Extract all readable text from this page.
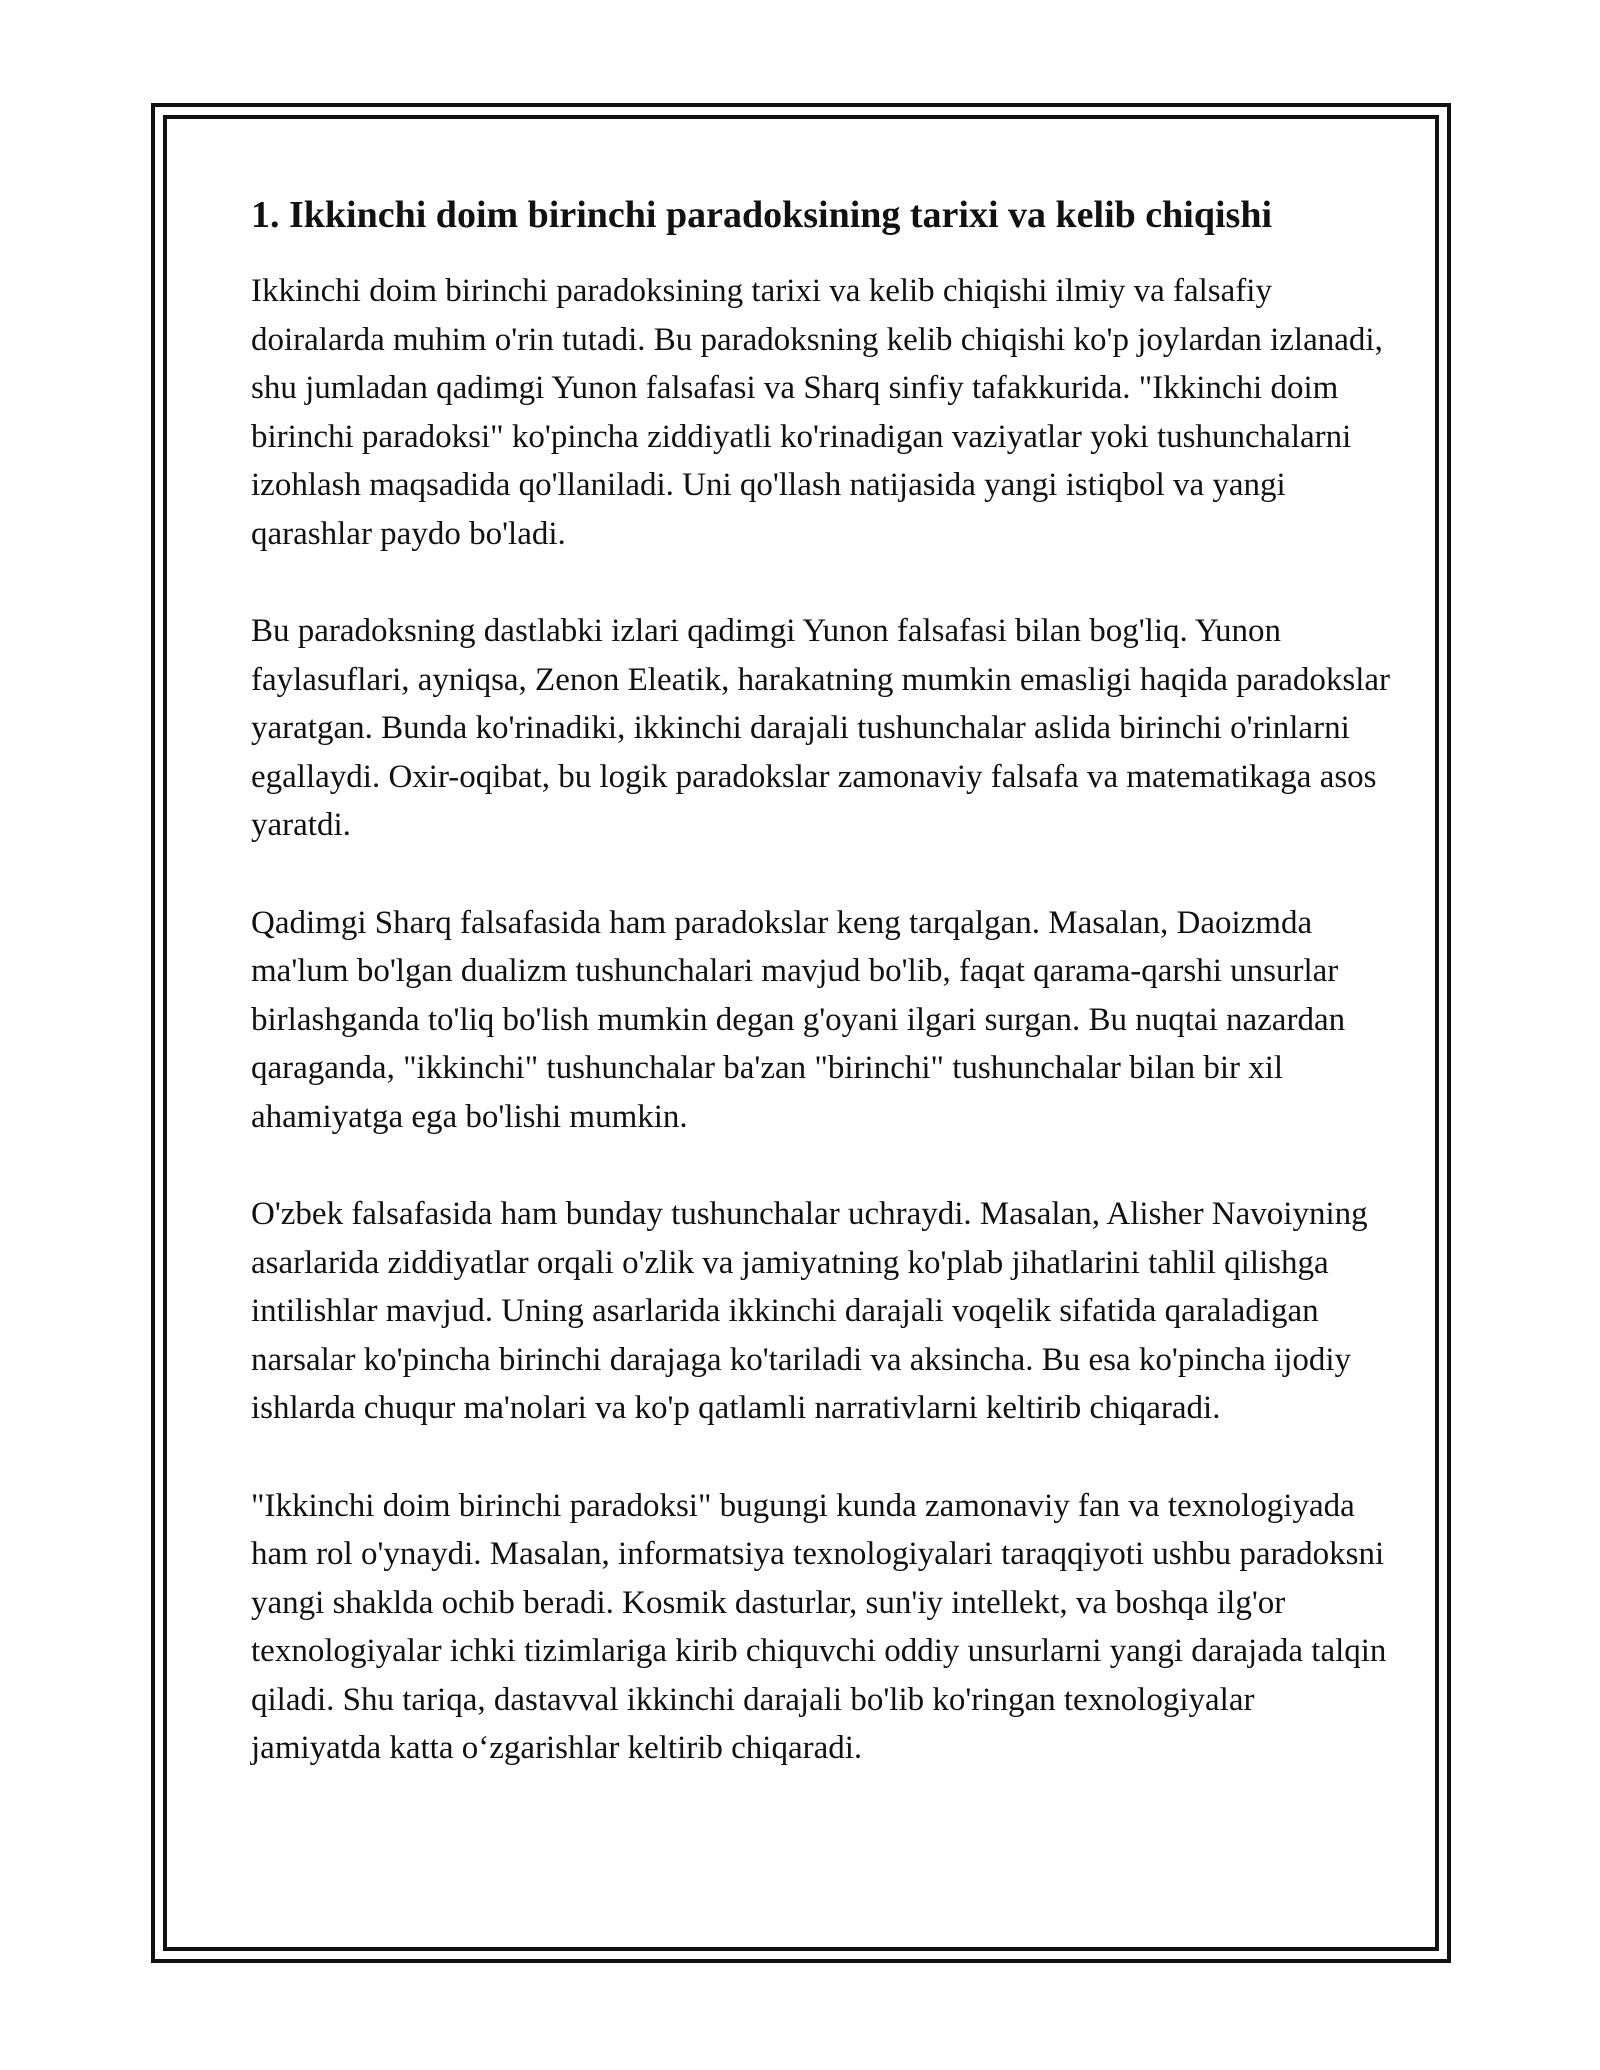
1. Ikkinchi doim birinchi paradoksining tarixi va kelib chiqishi

Ikkinchi doim birinchi paradoksining tarixi va kelib chiqishi ilmiy va falsafiy doiralarda muhim o'rin tutadi. Bu paradoksning kelib chiqishi ko'p joylardan izlanadi, shu jumladan qadimgi Yunon falsafasi va Sharq sinfiy tafakkurida. "Ikkinchi doim birinchi paradoksi" ko'pincha ziddiyatli ko'rinadigan vaziyatlar yoki tushunchalarni izohlash maqsadida qo'llaniladi. Uni qo'llash natijasida yangi istiqbol va yangi qarashlar paydo bo'ladi.

Bu paradoksning dastlabki izlari qadimgi Yunon falsafasi bilan bog'liq. Yunon faylasuflari, ayniqsa, Zenon Eleatik, harakatning mumkin emasligi haqida paradokslar yaratgan. Bunda ko'rinadiki, ikkinchi darajali tushunchalar aslida birinchi o'rinlarni egallaydi. Oxir-oqibat, bu logik paradokslar zamonaviy falsafa va matematikaga asos yaratdi.

Qadimgi Sharq falsafasida ham paradokslar keng tarqalgan. Masalan, Daoizmda ma'lum bo'lgan dualizm tushunchalari mavjud bo'lib, faqat qarama-qarshi unsurlar birlashganda to'liq bo'lish mumkin degan g'oyani ilgari surgan. Bu nuqtai nazardan qaraganda, "ikkinchi" tushunchalar ba'zan "birinchi" tushunchalar bilan bir xil ahamiyatga ega bo'lishi mumkin.

O'zbek falsafasida ham bunday tushunchalar uchraydi. Masalan, Alisher Navoiyning asarlarida ziddiyatlar orqali o'zlik va jamiyatning ko'plab jihatlarini tahlil qilishga intilishlar mavjud. Uning asarlarida ikkinchi darajali voqelik sifatida qaraladigan narsalar ko'pincha birinchi darajaga ko'tariladi va aksincha. Bu esa ko'pincha ijodiy ishlarda chuqur ma'nolari va ko'p qatlamli narrativlarni keltirib chiqaradi.

"Ikkinchi doim birinchi paradoksi" bugungi kunda zamonaviy fan va texnologiyada ham rol o'ynaydi. Masalan, informatsiya texnologiyalari taraqqiyoti ushbu paradoksni yangi shaklda ochib beradi. Kosmik dasturlar, sun'iy intellekt, va boshqa ilg'or texnologiyalar ichki tizimlariga kirib chiquvchi oddiy unsurlarni yangi darajada talqin qiladi. Shu tariqa, dastavval ikkinchi darajali bo'lib ko'ringan texnologiyalar jamiyatda katta o‘zgarishlar keltirib chiqaradi.
